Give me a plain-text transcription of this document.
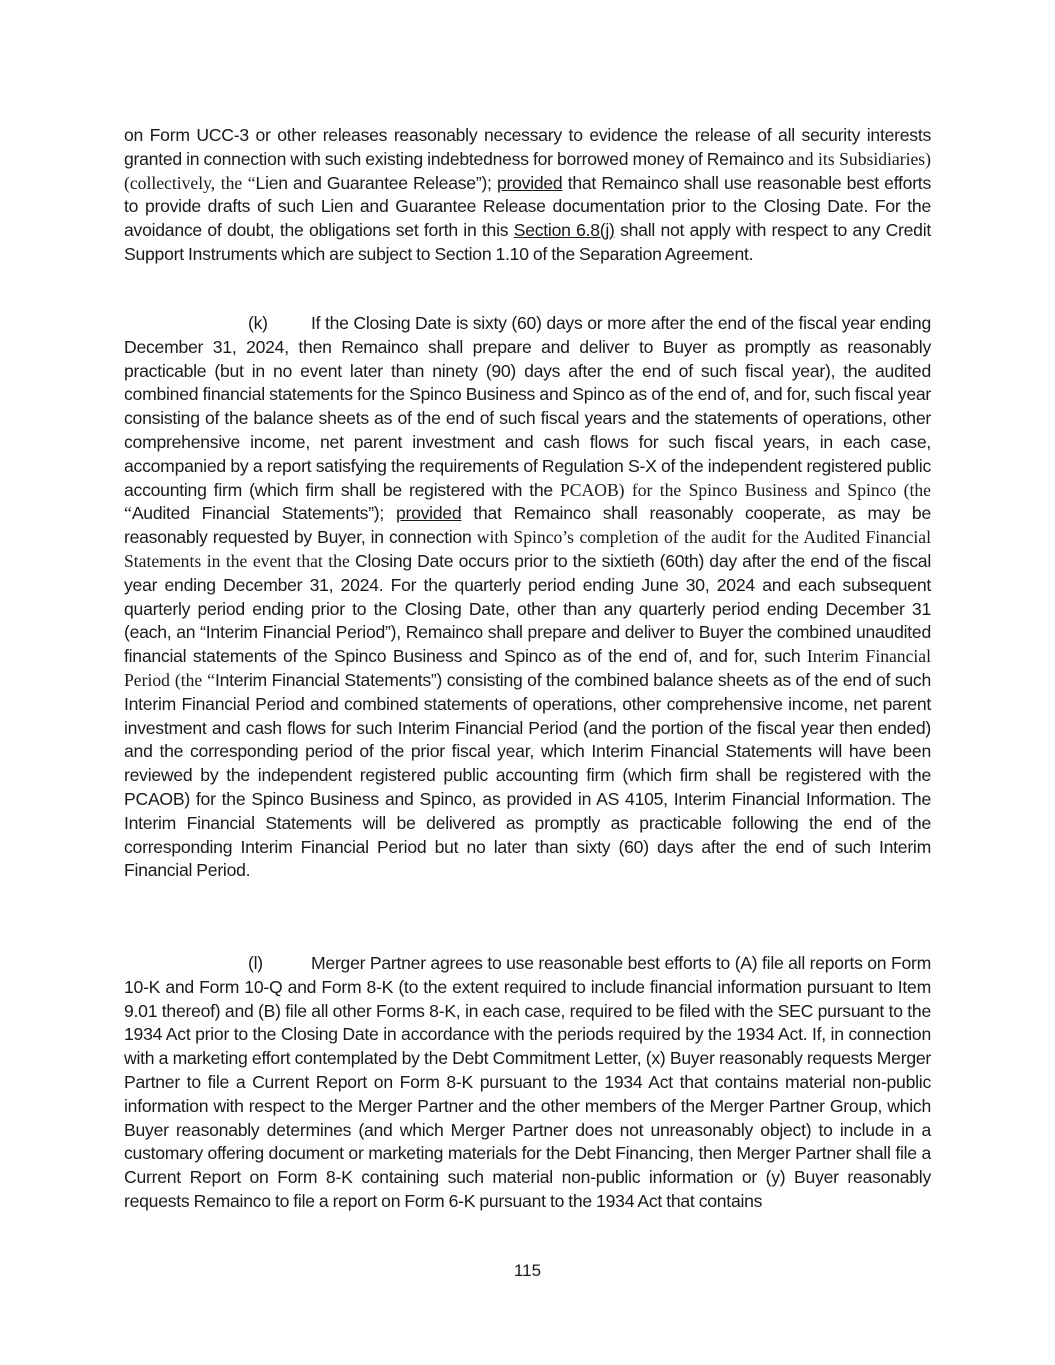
on Form UCC-3 or other releases reasonably necessary to evidence the release of all security interests granted in connection with such existing indebtedness for borrowed money of Remainco and its Subsidiaries) (collectively, the “Lien and Guarantee Release”); provided that Remainco shall use reasonable best efforts to provide drafts of such Lien and Guarantee Release documentation prior to the Closing Date. For the avoidance of doubt, the obligations set forth in this Section 6.8(j) shall not apply with respect to any Credit Support Instruments which are subject to Section 1.10 of the Separation Agreement.

(k) If the Closing Date is sixty (60) days or more after the end of the fiscal year ending December 31, 2024, then Remainco shall prepare and deliver to Buyer as promptly as reasonably practicable (but in no event later than ninety (90) days after the end of such fiscal year), the audited combined financial statements for the Spinco Business and Spinco as of the end of, and for, such fiscal year consisting of the balance sheets as of the end of such fiscal years and the statements of operations, other comprehensive income, net parent investment and cash flows for such fiscal years, in each case, accompanied by a report satisfying the requirements of Regulation S-X of the independent registered public accounting firm (which firm shall be registered with the PCAOB) for the Spinco Business and Spinco (the “Audited Financial Statements”); provided that Remainco shall reasonably cooperate, as may be reasonably requested by Buyer, in connection with Spinco’s completion of the audit for the Audited Financial Statements in the event that the Closing Date occurs prior to the sixtieth (60th) day after the end of the fiscal year ending December 31, 2024. For the quarterly period ending June 30, 2024 and each subsequent quarterly period ending prior to the Closing Date, other than any quarterly period ending December 31 (each, an “Interim Financial Period”), Remainco shall prepare and deliver to Buyer the combined unaudited financial statements of the Spinco Business and Spinco as of the end of, and for, such Interim Financial Period (the “Interim Financial Statements”) consisting of the combined balance sheets as of the end of such Interim Financial Period and combined statements of operations, other comprehensive income, net parent investment and cash flows for such Interim Financial Period (and the portion of the fiscal year then ended) and the corresponding period of the prior fiscal year, which Interim Financial Statements will have been reviewed by the independent registered public accounting firm (which firm shall be registered with the PCAOB) for the Spinco Business and Spinco, as provided in AS 4105, Interim Financial Information. The Interim Financial Statements will be delivered as promptly as practicable following the end of the corresponding Interim Financial Period but no later than sixty (60) days after the end of such Interim Financial Period.

(l)	Merger Partner agrees to use reasonable best efforts to (A) file all reports on Form 10-K and Form 10-Q and Form 8-K (to the extent required to include financial information pursuant to Item 9.01 thereof) and (B) file all other Forms 8-K, in each case, required to be filed with the SEC pursuant to the 1934 Act prior to the Closing Date in accordance with the periods required by the 1934 Act. If, in connection with a marketing effort contemplated by the Debt Commitment Letter, (x) Buyer reasonably requests Merger Partner to file a Current Report on Form 8-K pursuant to the 1934 Act that contains material non-public information with respect to the Merger Partner and the other members of the Merger Partner Group, which Buyer reasonably determines (and which Merger Partner does not unreasonably object) to include in a customary offering document or marketing materials for the Debt Financing, then Merger Partner shall file a Current Report on Form 8-K containing such material non-public information or (y) Buyer reasonably requests Remainco to file a report on Form 6-K pursuant to the 1934 Act that contains

115
